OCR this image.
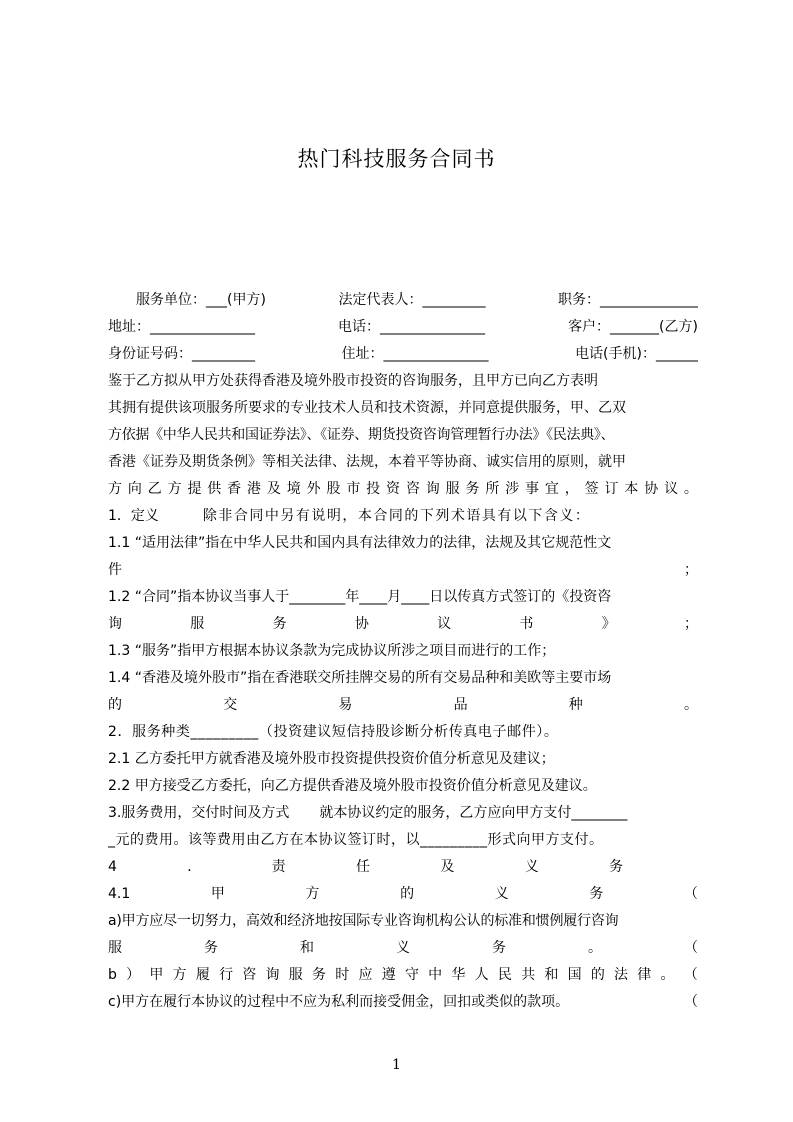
热门科技服务合同书
　　服务单位：___(甲方)	法定代表人：_________	职务：______________
地址：_______________	电话：_______________	客户：_______(乙方)
身份证号码：_________	住址：_______________	电话(手机)：______
鉴于乙方拟从甲方处获得香港及境外股市投资的咨询服务，且甲方已向乙方表明
其拥有提供该项服务所要求的专业技术人员和技术资源，并同意提供服务，甲、乙双
方依据《中华人民共和国证券法》、《证券、期货投资咨询管理暂行办法》《民法典》、
香港《证券及期货条例》等相关法律、法规，本着平等协商、诚实信用的原则，就甲
方 向 乙 方 提 供 香 港 及 境 外 股 市 投 资 咨 询 服 务 所 涉 事 宜 ， 签 订 本 协 议 。
1．定义	除非合同中另有说明，本合同的下列术语具有以下含义：
1.1 “适用法律”指在中华人民共和国内具有法律效力的法律，法规及其它规范性文
件	；
1.2 “合同”指本协议当事人于________年____月____日以传真方式签订的《投资咨
询	服	务	协	议	书	》	；
1.3 “服务”指甲方根据本协议条款为完成协议所涉之项目而进行的工作；
1.4 “香港及境外股市”指在香港联交所挂牌交易的所有交易品种和美欧等主要市场
的	交	易	品	种	。
2．服务种类_________（投资建议短信持股诊断分析传真电子邮件）。
2.1 乙方委托甲方就香港及境外股市投资提供投资价值分析意见及建议；
2.2 甲方接受乙方委托，向乙方提供香港及境外股市投资价值分析意见及建议。
3.服务费用，交付时间及方式 就本协议约定的服务，乙方应向甲方支付________
_元的费用。该等费用由乙方在本协议签订时，以_________形式向甲方支付。
4	．	责	任	及	义	务

4.1	甲	方	的	义	务	（
a)甲方应尽一切努力，高效和经济地按国际专业咨询机构公认的标准和惯例履行咨询
服	务	和	义	务	。	（
b ） 甲 方 履 行 咨 询 服 务 时 应 遵 守 中 华 人 民 共 和 国 的 法 律 。 （
c)甲方在履行本协议的过程中不应为私利而接受佣金，回扣或类似的款项。	（
1
